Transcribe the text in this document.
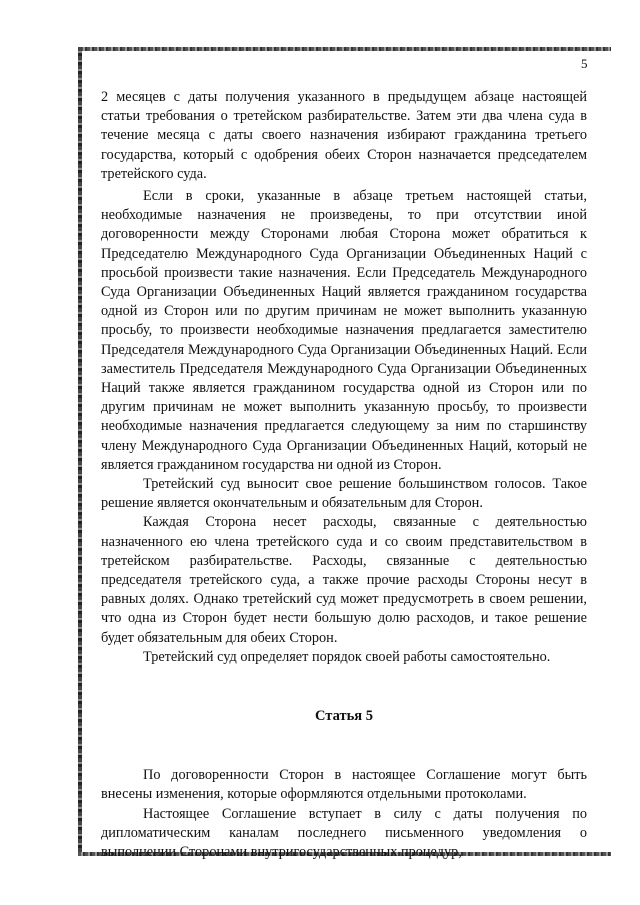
5

2 месяцев с даты получения указанного в предыдущем абзаце настоящей статьи требования о третейском разбирательстве. Затем эти два члена суда в течение месяца с даты своего назначения избирают гражданина третьего государства, который с одобрения обеих Сторон назначается председателем третейского суда.

Если в сроки, указанные в абзаце третьем настоящей статьи, необходимые назначения не произведены, то при отсутствии иной договоренности между Сторонами любая Сторона может обратиться к Председателю Международного Суда Организации Объединенных Наций с просьбой произвести такие назначения. Если Председатель Международного Суда Организации Объединенных Наций является гражданином государства одной из Сторон или по другим причинам не может выполнить указанную просьбу, то произвести необходимые назначения предлагается заместителю Председателя Международного Суда Организации Объединенных Наций. Если заместитель Председателя Международного Суда Организации Объединенных Наций также является гражданином государства одной из Сторон или по другим причинам не может выполнить указанную просьбу, то произвести необходимые назначения предлагается следующему за ним по старшинству члену Международного Суда Организации Объединенных Наций, который не является гражданином государства ни одной из Сторон.

Третейский суд выносит свое решение большинством голосов. Такое решение является окончательным и обязательным для Сторон.

Каждая Сторона несет расходы, связанные с деятельностью назначенного ею члена третейского суда и со своим представительством в третейском разбирательстве. Расходы, связанные с деятельностью председателя третейского суда, а также прочие расходы Стороны несут в равных долях. Однако третейский суд может предусмотреть в своем решении, что одна из Сторон будет нести большую долю расходов, и такое решение будет обязательным для обеих Сторон.

Третейский суд определяет порядок своей работы самостоятельно.

Статья 5

По договоренности Сторон в настоящее Соглашение могут быть внесены изменения, которые оформляются отдельными протоколами.

Настоящее Соглашение вступает в силу с даты получения по дипломатическим каналам последнего письменного уведомления о выполнении Сторонами внутригосударственных процедур,
